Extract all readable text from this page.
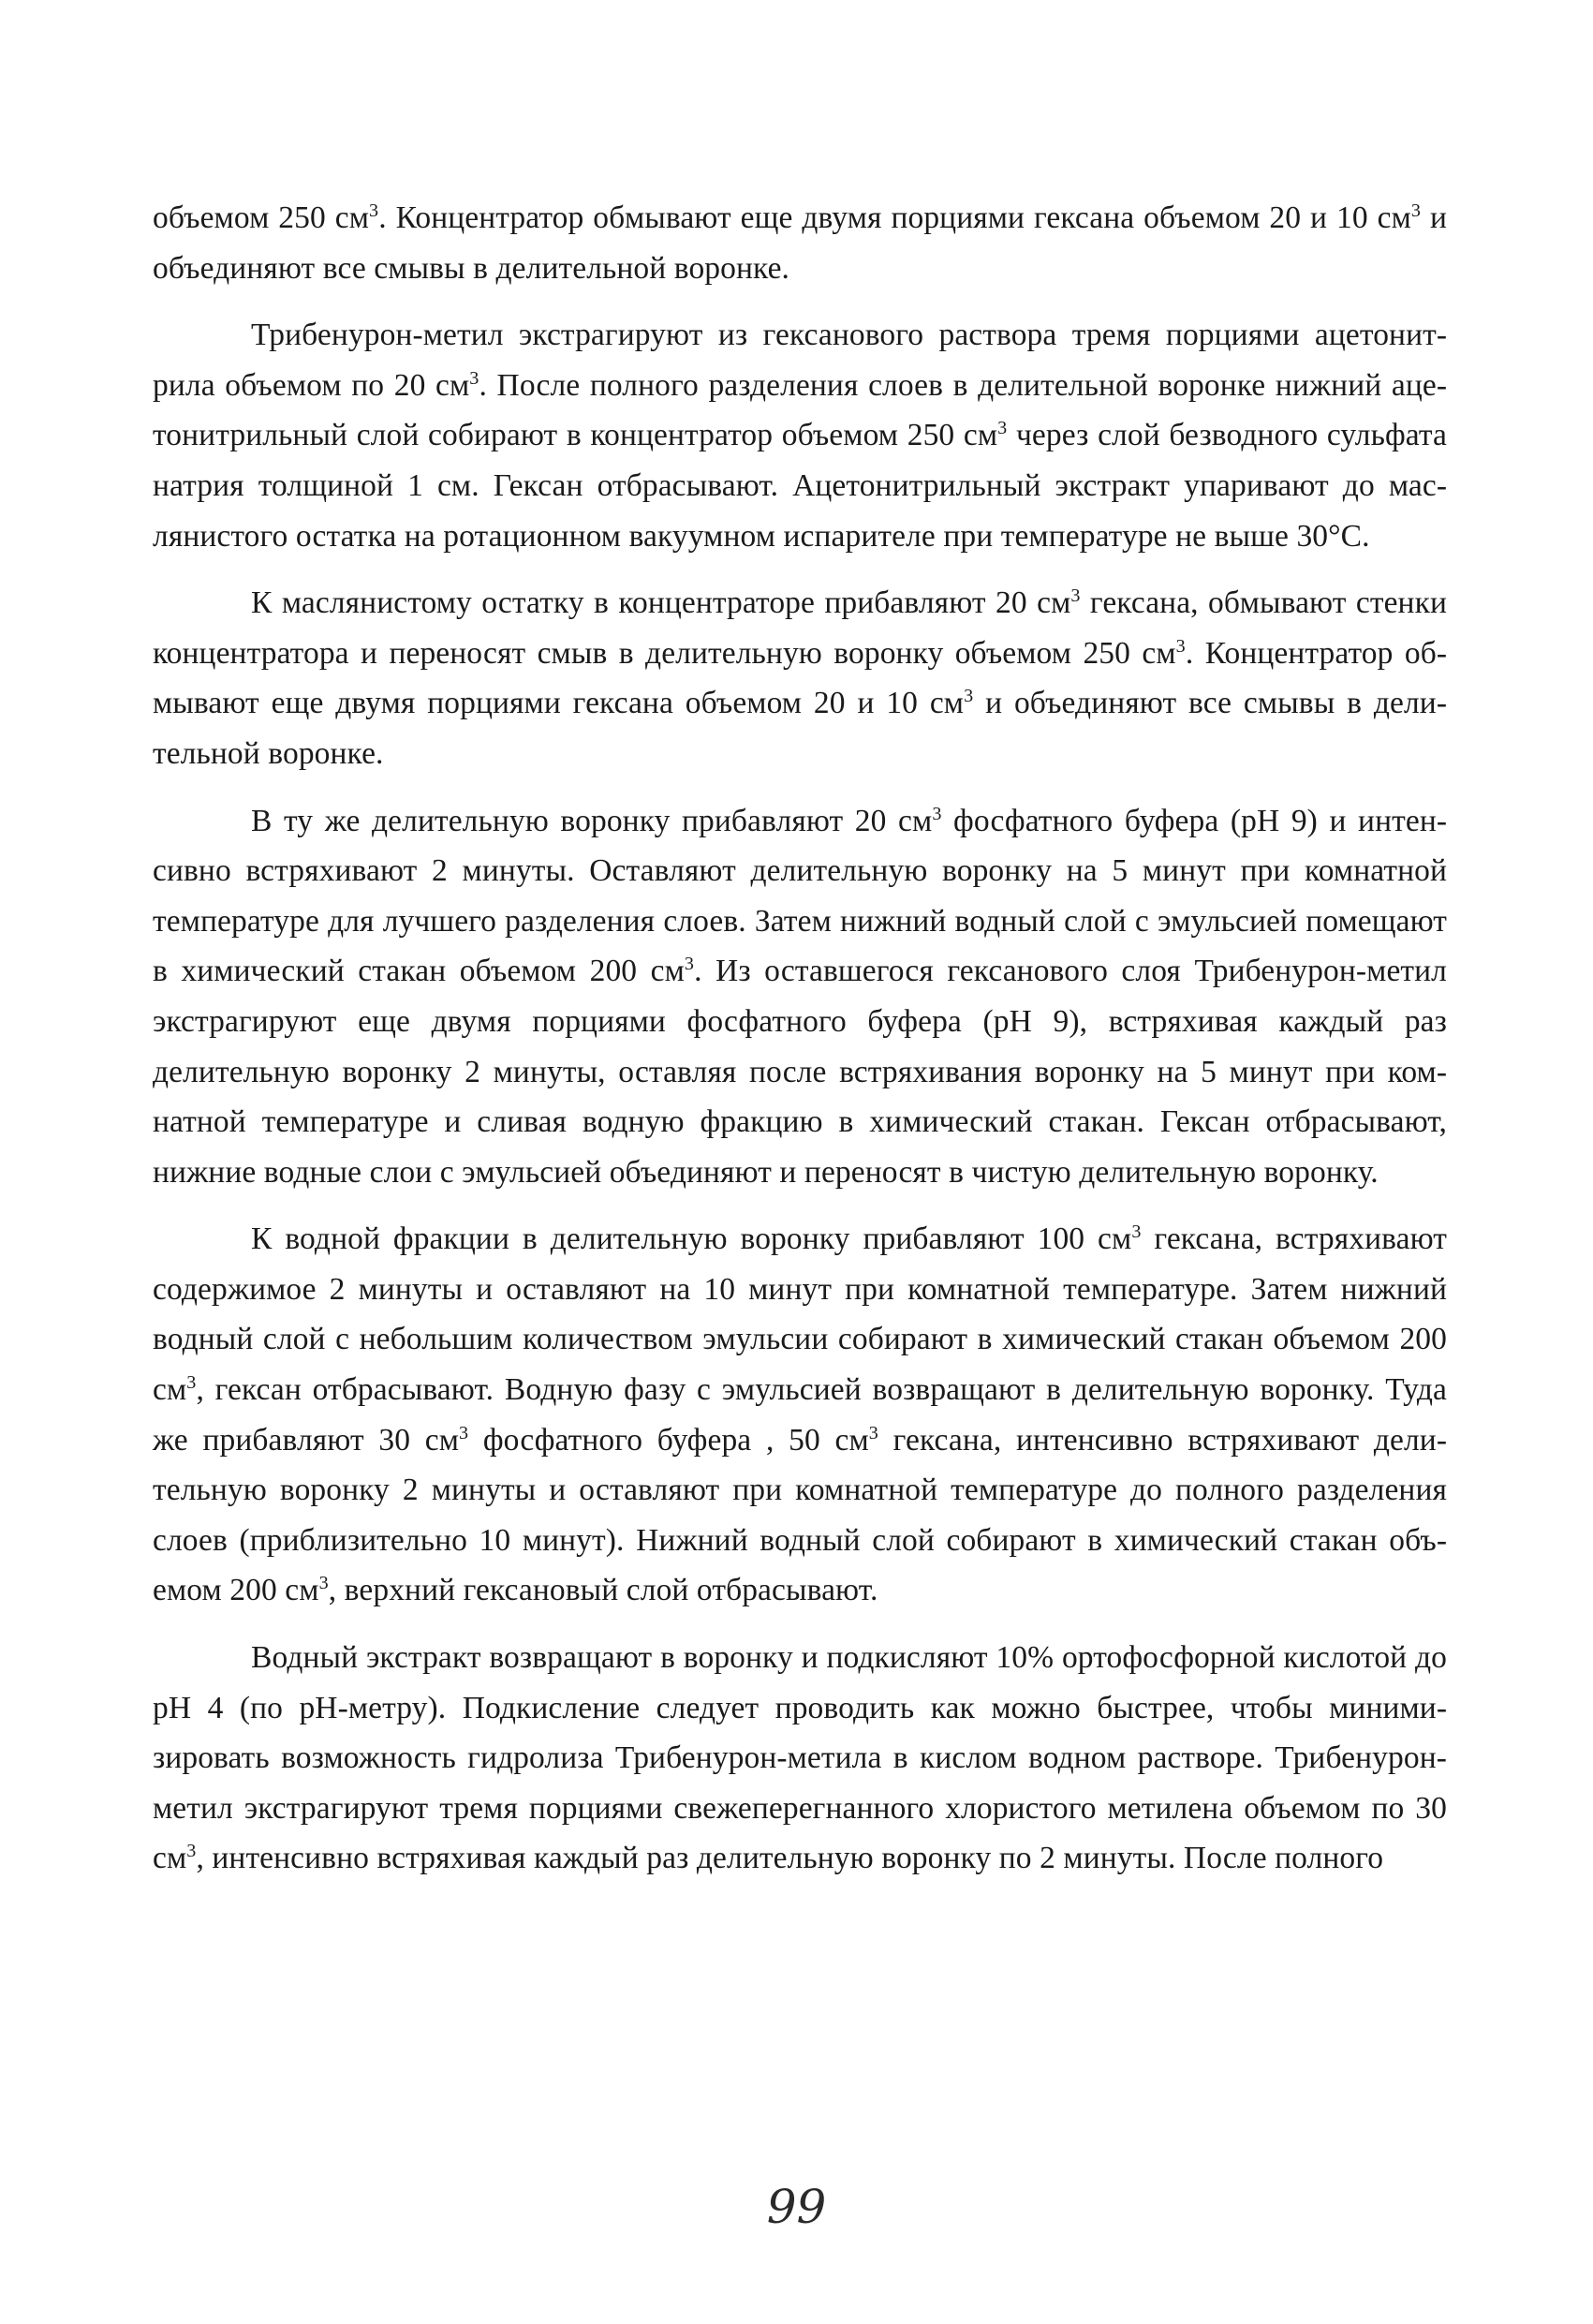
объемом 250 $см^3$. Концентратор обмывают еще двумя порциями гексана объемом 20 и 10 $см^3$ и объединяют все смывы в делительной воронке.

Трибенурон-метил экстрагируют из гексанового раствора тремя порциями ацетонитрила объемом по 20 $см^3$. После полного разделения слоев в делительной воронке нижний ацетонитрильный слой собирают в концентратор объемом 250 $см^3$ через слой безводного сульфата натрия толщиной 1 см. Гексан отбрасывают. Ацетонитрильный экстракт упаривают до маслянистого остатка на ротационном вакуумном испарителе при температуре не выше 30°С.

К маслянистому остатку в концентраторе прибавляют 20 $см^3$ гексана, обмывают стенки концентратора и переносят смыв в делительную воронку объемом 250 $см^3$. Концентратор обмывают еще двумя порциями гексана объемом 20 и 10 $см^3$ и объединяют все смывы в делительной воронке.

В ту же делительную воронку прибавляют 20 $см^3$ фосфатного буфера (рН 9) и интенсивно встряхивают 2 минуты. Оставляют делительную воронку на 5 минут при комнатной температуре для лучшего разделения слоев. Затем нижний водный слой с эмульсией помещают в химический стакан объемом 200 $см^3$. Из оставшегося гексанового слоя Трибенурон-метил экстрагируют еще двумя порциями фосфатного буфера (рН 9), встряхивая каждый раз делительную воронку 2 минуты, оставляя после встряхивания воронку на 5 минут при комнатной температуре и сливая водную фракцию в химический стакан. Гексан отбрасывают, нижние водные слои с эмульсией объединяют и переносят в чистую делительную воронку.

К водной фракции в делительную воронку прибавляют 100 $см^3$ гексана, встряхивают содержимое 2 минуты и оставляют на 10 минут при комнатной температуре. Затем нижний водный слой с небольшим количеством эмульсии собирают в химический стакан объемом 200 $см^3$, гексан отбрасывают. Водную фазу с эмульсией возвращают в делительную воронку. Туда же прибавляют 30 $см^3$ фосфатного буфера , 50 $см^3$ гексана, интенсивно встряхивают делительную воронку 2 минуты и оставляют при комнатной температуре до полного разделения слоев (приблизительно 10 минут). Нижний водный слой собирают в химический стакан объемом 200 $см^3$, верхний гексановый слой отбрасывают.

Водный экстракт возвращают в воронку и подкисляют 10% ортофосфорной кислотой до рН 4 (по рН-метру). Подкисление следует проводить как можно быстрее, чтобы минимизировать возможность гидролиза Трибенурон-метила в кислом водном растворе. Трибенурон-метил экстрагируют тремя порциями свежеперегнанного хлористого метилена объемом по 30 $см^3$, интенсивно встряхивая каждый раз делительную воронку по 2 минуты. После полного

99
